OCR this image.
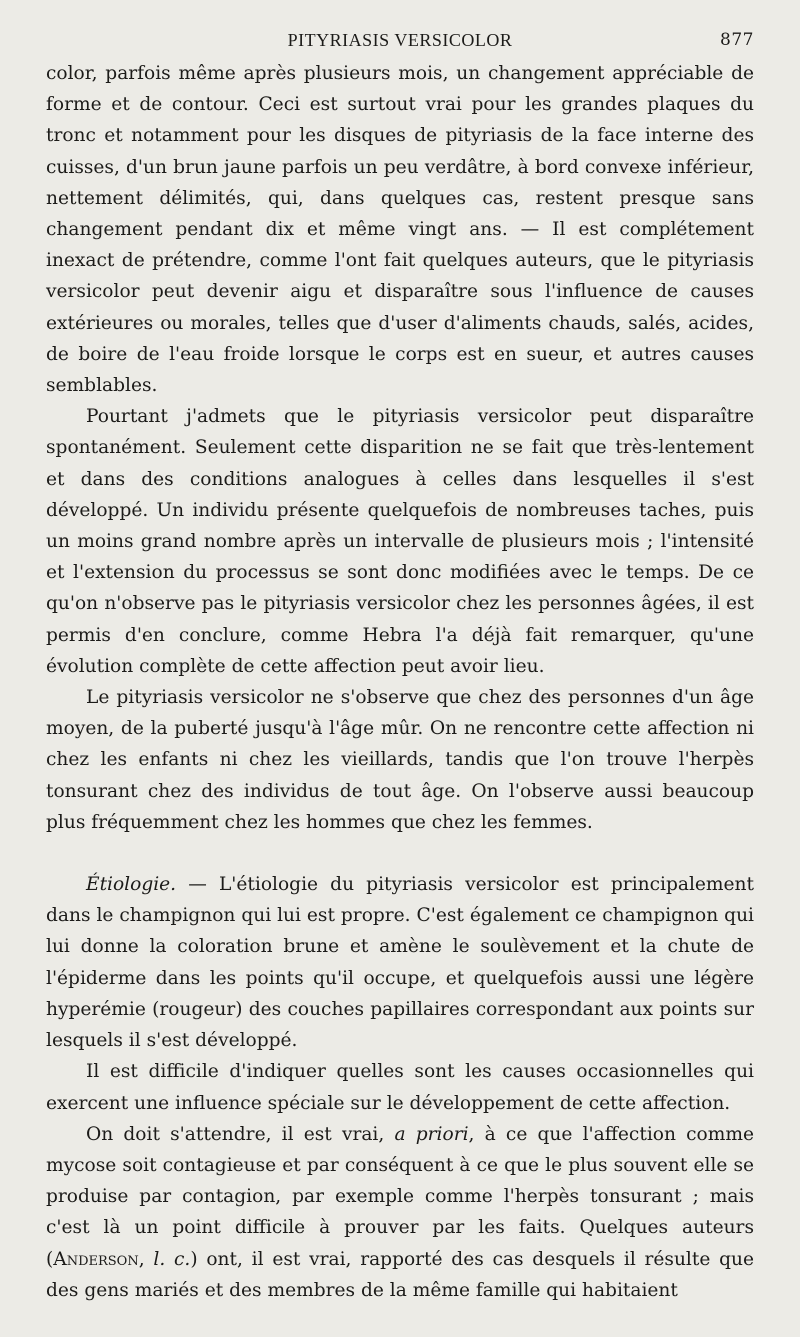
PITYRIASIS VERSICOLOR	877

color, parfois même après plusieurs mois, un changement appréciable de forme et de contour. Ceci est surtout vrai pour les grandes plaques du tronc et notamment pour les disques de pityriasis de la face interne des cuisses, d'un brun jaune parfois un peu verdâtre, à bord convexe inférieur, nettement délimités, qui, dans quelques cas, restent presque sans changement pendant dix et même vingt ans. — Il est complétement inexact de prétendre, comme l'ont fait quelques auteurs, que le pityriasis versicolor peut devenir aigu et disparaître sous l'influence de causes extérieures ou morales, telles que d'user d'aliments chauds, salés, acides, de boire de l'eau froide lorsque le corps est en sueur, et autres causes semblables.

Pourtant j'admets que le pityriasis versicolor peut disparaître spontanément. Seulement cette disparition ne se fait que très-lentement et dans des conditions analogues à celles dans lesquelles il s'est développé. Un individu présente quelquefois de nombreuses taches, puis un moins grand nombre après un intervalle de plusieurs mois ; l'intensité et l'extension du processus se sont donc modifiées avec le temps. De ce qu'on n'observe pas le pityriasis versicolor chez les personnes âgées, il est permis d'en conclure, comme Hebra l'a déjà fait remarquer, qu'une évolution complète de cette affection peut avoir lieu.

Le pityriasis versicolor ne s'observe que chez des personnes d'un âge moyen, de la puberté jusqu'à l'âge mûr. On ne rencontre cette affection ni chez les enfants ni chez les vieillards, tandis que l'on trouve l'herpès tonsurant chez des individus de tout âge. On l'observe aussi beaucoup plus fréquemment chez les hommes que chez les femmes.

Étiologie. — L'étiologie du pityriasis versicolor est principalement dans le champignon qui lui est propre. C'est également ce champignon qui lui donne la coloration brune et amène le soulèvement et la chute de l'épiderme dans les points qu'il occupe, et quelquefois aussi une légère hyperémie (rougeur) des couches papillaires correspondant aux points sur lesquels il s'est développé.

Il est difficile d'indiquer quelles sont les causes occasionnelles qui exercent une influence spéciale sur le développement de cette affection.

On doit s'attendre, il est vrai, a priori, à ce que l'affection comme mycose soit contagieuse et par conséquent à ce que le plus souvent elle se produise par contagion, par exemple comme l'herpès tonsurant ; mais c'est là un point difficile à prouver par les faits. Quelques auteurs (Anderson, l. c.) ont, il est vrai, rapporté des cas desquels il résulte que des gens mariés et des membres de la même famille qui habitaient
